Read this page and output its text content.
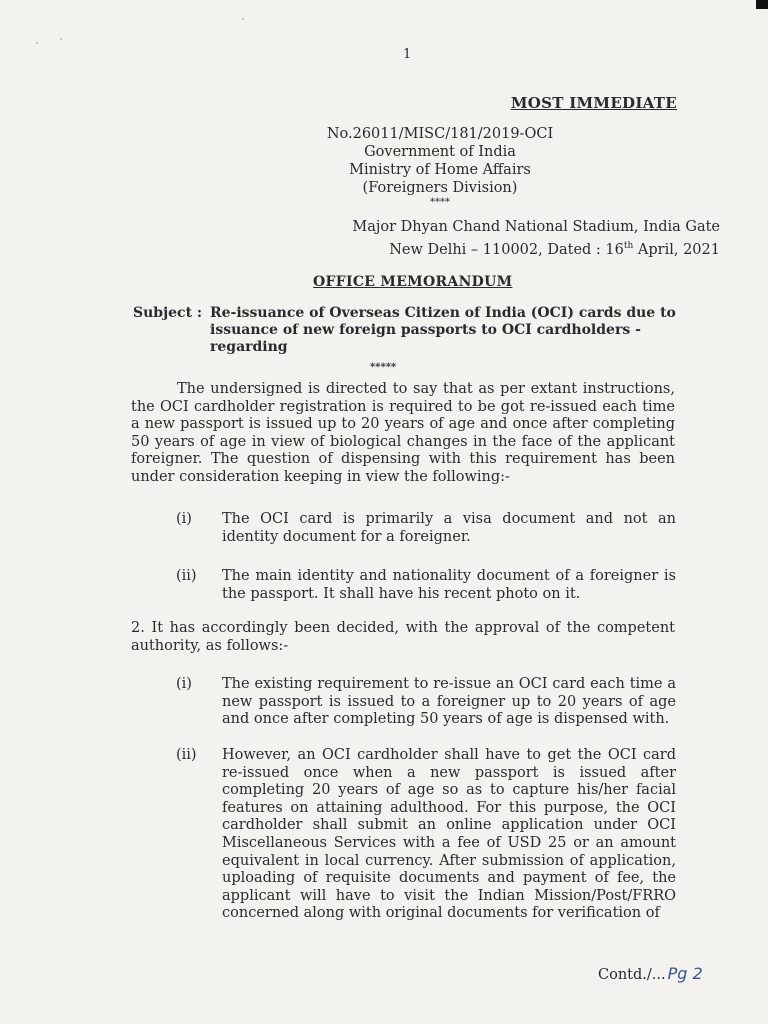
1
MOST IMMEDIATE
No.26011/MISC/181/2019-OCI
Government of India
Ministry of Home Affairs
(Foreigners Division)
****
Major Dhyan Chand National Stadium, India Gate
New Delhi – 110002, Dated : 16th April, 2021
OFFICE MEMORANDUM
Subject : Re-issuance of Overseas Citizen of India (OCI) cards due to issuance of new foreign passports to OCI cardholders - regarding
*****
The undersigned is directed to say that as per extant instructions, the OCI cardholder registration is required to be got re-issued each time a new passport is issued up to 20 years of age and once after completing 50 years of age in view of biological changes in the face of the applicant foreigner. The question of dispensing with this requirement has been under consideration keeping in view the following:-
(i)	The OCI card is primarily a visa document and not an identity document for a foreigner.
(ii)	The main identity and nationality document of a foreigner is the passport. It shall have his recent photo on it.
2. It has accordingly been decided, with the approval of the competent authority, as follows:-
(i)	The existing requirement to re-issue an OCI card each time a new passport is issued to a foreigner up to 20 years of age and once after completing 50 years of age is dispensed with.
(ii)	However, an OCI cardholder shall have to get the OCI card re-issued once when a new passport is issued after completing 20 years of age so as to capture his/her facial features on attaining adulthood. For this purpose, the OCI cardholder shall submit an online application under OCI Miscellaneous Services with a fee of USD 25 or an amount equivalent in local currency. After submission of application, uploading of requisite documents and payment of fee, the applicant will have to visit the Indian Mission/Post/FRRO concerned along with original documents for verification of
Contd./... Pg 2
